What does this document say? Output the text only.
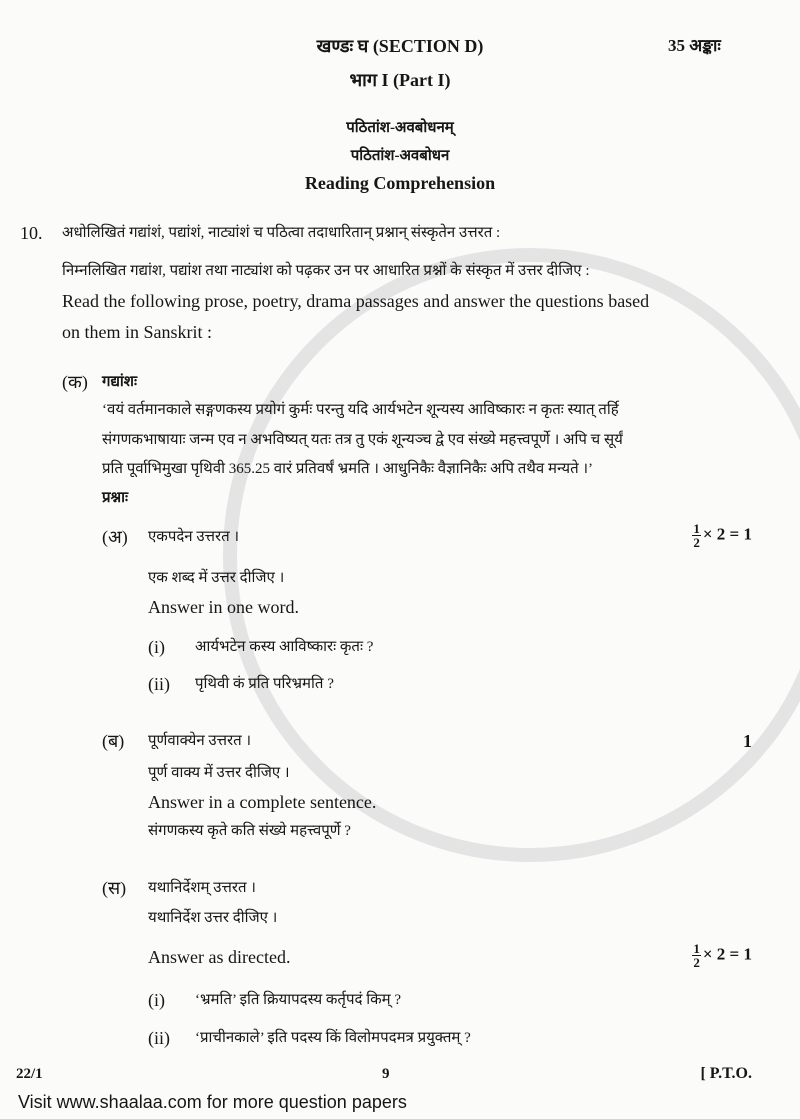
खण्डः घ (SECTION D)	35 अङ्काः
भाग I (Part I)
पठितांश-अवबोधनम्
पठितांश-अवबोधन
Reading Comprehension
10. अधोलिखितं गद्यांशं, पद्यांशं, नाट्यांशं च पठित्वा तदाधारितान् प्रश्नान् संस्कृतेन उत्तरत :
निम्नलिखित गद्यांश, पद्यांश तथा नाट्यांश को पढ़कर उन पर आधारित प्रश्नों के संस्कृत में उत्तर दीजिए :
Read the following prose, poetry, drama passages and answer the questions based
on them in Sanskrit :
(क) गद्यांशः
‘वयं वर्तमानकाले सङ्गणकस्य प्रयोगं कुर्मः परन्तु यदि आर्यभटेन शून्यस्य आविष्कारः न कृतः स्यात् तर्हि
संगणकभाषायाः जन्म एव न अभविष्यत् यतः तत्र तु एकं शून्यञ्च द्वे एव संख्ये महत्त्वपूर्णे । अपि च सूर्यं
प्रति पूर्वाभिमुखा पृथिवी 365.25 वारं प्रतिवर्षं भ्रमति । आधुनिकैः वैज्ञानिकैः अपि तथैव मन्यते ।’
प्रश्नाः
(अ) एकपदेन उत्तरत ।	$\frac{1}{2} \times 2 = 1$
एक शब्द में उत्तर दीजिए ।
Answer in one word.
(i) आर्यभटेन कस्य आविष्कारः कृतः ?
(ii) पृथिवी कं प्रति परिभ्रमति ?
(ब) पूर्णवाक्येन उत्तरत ।	1
पूर्ण वाक्य में उत्तर दीजिए ।
Answer in a complete sentence.
संगणकस्य कृते कति संख्ये महत्त्वपूर्णे ?
(स) यथानिर्देशम् उत्तरत ।
यथानिर्देश उत्तर दीजिए ।
Answer as directed.	$\frac{1}{2} \times 2 = 1$
(i) ‘भ्रमति’ इति क्रियापदस्य कर्तृपदं किम् ?
(ii) ‘प्राचीनकाले’ इति पदस्य किं विलोमपदमत्र प्रयुक्तम् ?
22/1	9	[ P.T.O.
Visit www.shaalaa.com for more question papers
